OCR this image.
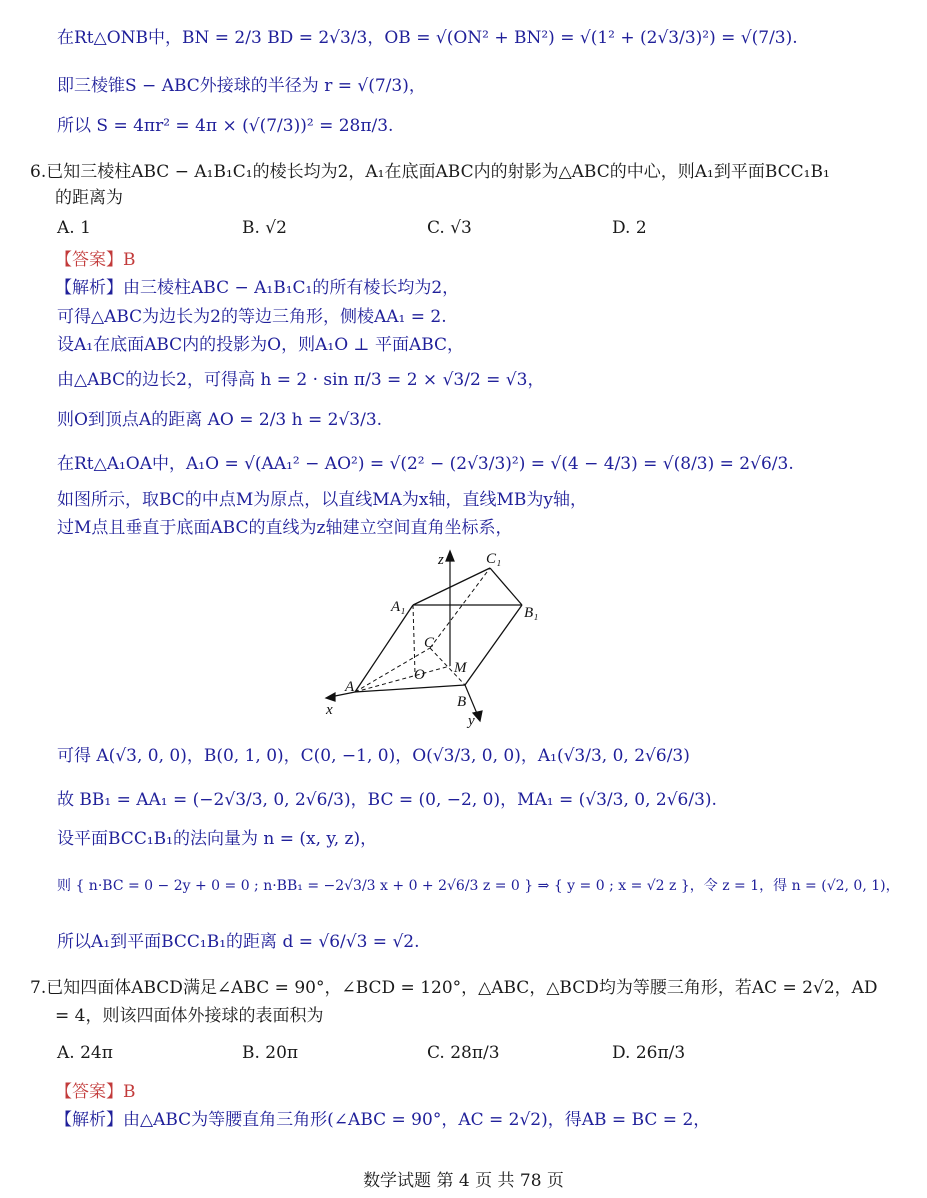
在Rt△ONB中，BN = 2/3 BD = 2√3/3，OB = √(ON² + BN²) = √(1² + (2√3/3)²) = √(7/3).
即三棱锥S − ABC外接球的半径为 r = √(7/3)，
所以 S = 4πr² = 4π × (√(7/3))² = 28π/3.
6.已知三棱柱ABC − A₁B₁C₁的棱长均为2，A₁在底面ABC内的射影为△ABC的中心，则A₁到平面BCC₁B₁
的距离为
A. 1	B. √2	C. √3	D. 2
【答案】B
【解析】由三棱柱ABC − A₁B₁C₁的所有棱长均为2，
可得△ABC为边长为2的等边三角形，侧棱AA₁ = 2.
设A₁在底面ABC内的投影为O，则A₁O ⊥ 平面ABC，
由△ABC的边长2，可得高 h = 2 · sin π/3 = 2 × √3/2 = √3，
则O到顶点A的距离 AO = 2/3 h = 2√3/3.
在Rt△A₁OA中，A₁O = √(AA₁² − AO²) = √(2² − (2√3/3)²) = √(4 − 4/3) = √(8/3) = 2√6/3.
如图所示，取BC的中点M为原点，以直线MA为x轴，直线MB为y轴，
过M点且垂直于底面ABC的直线为z轴建立空间直角坐标系，
z	C₁
A₁	B₁
C
M
O
A
B
x
y
可得 A(√3, 0, 0)，B(0, 1, 0)，C(0, −1, 0)，O(√3/3, 0, 0)，A₁(√3/3, 0, 2√6/3)
故 BB₁ = AA₁ = (−2√3/3, 0, 2√6/3)，BC = (0, −2, 0)，MA₁ = (√3/3, 0, 2√6/3).
设平面BCC₁B₁的法向量为 n = (x, y, z)，
则 { n·BC = 0 − 2y + 0 = 0 ; n·BB₁ = −2√3/3 x + 0 + 2√6/3 z = 0 } ⇒ { y = 0 ; x = √2 z }，令 z = 1，得 n = (√2, 0, 1)，
所以A₁到平面BCC₁B₁的距离 d = √6/√3 = √2.
7.已知四面体ABCD满足∠ABC = 90°，∠BCD = 120°，△ABC，△BCD均为等腰三角形，若AC = 2√2，AD
= 4，则该四面体外接球的表面积为
A. 24π	B. 20π	C. 28π/3	D. 26π/3
【答案】B
【解析】由△ABC为等腰直角三角形(∠ABC = 90°，AC = 2√2)，得AB = BC = 2，
数学试题 第 4 页 共 78 页
